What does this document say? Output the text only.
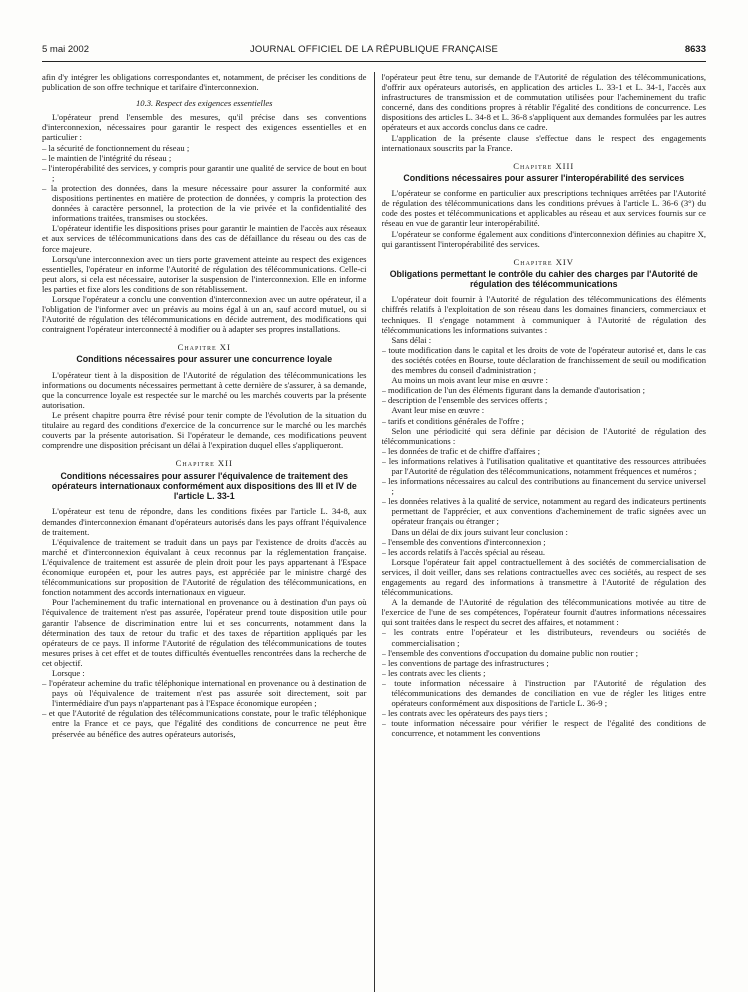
5 mai 2002	JOURNAL OFFICIEL DE LA RÉPUBLIQUE FRANÇAISE	8633

afin d'y intégrer les obligations correspondantes et, notamment, de préciser les conditions de publication de son offre technique et tarifaire d'interconnexion.

10.3. Respect des exigences essentielles

L'opérateur prend l'ensemble des mesures, qu'il précise dans ses conventions d'interconnexion, nécessaires pour garantir le respect des exigences essentielles et en particulier :

– la sécurité de fonctionnement du réseau ;

– le maintien de l'intégrité du réseau ;

– l'interopérabilité des services, y compris pour garantir une qualité de service de bout en bout ;

– la protection des données, dans la mesure nécessaire pour assurer la conformité aux dispositions pertinentes en matière de protection de données, y compris la protection des données à caractère personnel, la protection de la vie privée et la confidentialité des informations traitées, transmises ou stockées.

L'opérateur identifie les dispositions prises pour garantir le maintien de l'accès aux réseaux et aux services de télécommunications dans des cas de défaillance du réseau ou des cas de force majeure.

Lorsqu'une interconnexion avec un tiers porte gravement atteinte au respect des exigences essentielles, l'opérateur en informe l'Autorité de régulation des télécommunications. Celle-ci peut alors, si cela est nécessaire, autoriser la suspension de l'interconnexion. Elle en informe les parties et fixe alors les conditions de son rétablissement.

Lorsque l'opérateur a conclu une convention d'interconnexion avec un autre opérateur, il a l'obligation de l'informer avec un préavis au moins égal à un an, sauf accord mutuel, ou si l'Autorité de régulation des télécommunications en décide autrement, des modifications qui contraignent l'opérateur interconnecté à modifier ou à adapter ses propres installations.

Chapitre XI
Conditions nécessaires pour assurer une concurrence loyale

L'opérateur tient à la disposition de l'Autorité de régulation des télécommunications les informations ou documents nécessaires permettant à cette dernière de s'assurer, à sa demande, que la concurrence loyale est respectée sur le marché ou les marchés couverts par la présente autorisation.

Le présent chapitre pourra être révisé pour tenir compte de l'évolution de la situation du titulaire au regard des conditions d'exercice de la concurrence sur le marché ou les marchés couverts par la présente autorisation. Si l'opérateur le demande, ces modifications peuvent comprendre une disposition précisant un délai à l'expiration duquel elles s'appliqueront.

Chapitre XII
Conditions nécessaires pour assurer l'équivalence de traitement des opérateurs internationaux conformément aux dispositions des III et IV de l'article L. 33-1

L'opérateur est tenu de répondre, dans les conditions fixées par l'article L. 34-8, aux demandes d'interconnexion émanant d'opérateurs autorisés dans les pays offrant l'équivalence de traitement.

L'équivalence de traitement se traduit dans un pays par l'existence de droits d'accès au marché et d'interconnexion équivalant à ceux reconnus par la réglementation française. L'équivalence de traitement est assurée de plein droit pour les pays appartenant à l'Espace économique européen et, pour les autres pays, est appréciée par le ministre chargé des télécommunications sur proposition de l'Autorité de régulation des télécommunications, en fonction notamment des accords internationaux en vigueur.

Pour l'acheminement du trafic international en provenance ou à destination d'un pays où l'équivalence de traitement n'est pas assurée, l'opérateur prend toute disposition utile pour garantir l'absence de discrimination entre lui et ses concurrents, notamment dans la détermination des taux de retour du trafic et des taxes de répartition appliqués par les opérateurs de ce pays. Il informe l'Autorité de régulation des télécommunications de toutes mesures prises à cet effet et de toutes difficultés éventuelles rencontrées dans la recherche de cet objectif.

Lorsque :

– l'opérateur achemine du trafic téléphonique international en provenance ou à destination de pays où l'équivalence de traitement n'est pas assurée soit directement, soit par l'intermédiaire d'un pays n'appartenant pas à l'Espace économique européen ;

– et que l'Autorité de régulation des télécommunications constate, pour le trafic téléphonique entre la France et ce pays, que l'égalité des conditions de concurrence ne peut être préservée au bénéfice des autres opérateurs autorisés,

l'opérateur peut être tenu, sur demande de l'Autorité de régulation des télécommunications, d'offrir aux opérateurs autorisés, en application des articles L. 33-1 et L. 34-1, l'accès aux infrastructures de transmission et de commutation utilisées pour l'acheminement du trafic concerné, dans des conditions propres à rétablir l'égalité des conditions de concurrence. Les dispositions des articles L. 34-8 et L. 36-8 s'appliquent aux demandes formulées par les autres opérateurs et aux accords conclus dans ce cadre.

L'application de la présente clause s'effectue dans le respect des engagements internationaux souscrits par la France.

Chapitre XIII
Conditions nécessaires pour assurer l'interopérabilité des services

L'opérateur se conforme en particulier aux prescriptions techniques arrêtées par l'Autorité de régulation des télécommunications dans les conditions prévues à l'article L. 36-6 (3°) du code des postes et télécommunications et applicables au réseau et aux services fournis sur ce réseau en vue de garantir leur interopérabilité.

L'opérateur se conforme également aux conditions d'interconnexion définies au chapitre X, qui garantissent l'interopérabilité des services.

Chapitre XIV
Obligations permettant le contrôle du cahier des charges par l'Autorité de régulation des télécommunications

L'opérateur doit fournir à l'Autorité de régulation des télécommunications des éléments chiffrés relatifs à l'exploitation de son réseau dans les domaines financiers, commerciaux et techniques. Il s'engage notamment à communiquer à l'Autorité de régulation des télécommunications les informations suivantes :

Sans délai :

– toute modification dans le capital et les droits de vote de l'opérateur autorisé et, dans le cas des sociétés cotées en Bourse, toute déclaration de franchissement de seuil ou modification des membres du conseil d'administration ;

Au moins un mois avant leur mise en œuvre :

– modification de l'un des éléments figurant dans la demande d'autorisation ;

– description de l'ensemble des services offerts ;

Avant leur mise en œuvre :

– tarifs et conditions générales de l'offre ;

Selon une périodicité qui sera définie par décision de l'Autorité de régulation des télécommunications :

– les données de trafic et de chiffre d'affaires ;

– les informations relatives à l'utilisation qualitative et quantitative des ressources attribuées par l'Autorité de régulation des télécommunications, notamment fréquences et numéros ;

– les informations nécessaires au calcul des contributions au financement du service universel ;

– les données relatives à la qualité de service, notamment au regard des indicateurs pertinents permettant de l'apprécier, et aux conventions d'acheminement de trafic signées avec un opérateur français ou étranger ;

Dans un délai de dix jours suivant leur conclusion :

– l'ensemble des conventions d'interconnexion ;

– les accords relatifs à l'accès spécial au réseau.

Lorsque l'opérateur fait appel contractuellement à des sociétés de commercialisation de services, il doit veiller, dans ses relations contractuelles avec ces sociétés, au respect de ses engagements au regard des informations à transmettre à l'Autorité de régulation des télécommunications.

A la demande de l'Autorité de régulation des télécommunications motivée au titre de l'exercice de l'une de ses compétences, l'opérateur fournit d'autres informations nécessaires qui sont traitées dans le respect du secret des affaires, et notamment :

– les contrats entre l'opérateur et les distributeurs, revendeurs ou sociétés de commercialisation ;

– l'ensemble des conventions d'occupation du domaine public non routier ;

– les conventions de partage des infrastructures ;

– les contrats avec les clients ;

– toute information nécessaire à l'instruction par l'Autorité de régulation des télécommunications des demandes de conciliation en vue de régler les litiges entre opérateurs conformément aux dispositions de l'article L. 36-9 ;

– les contrats avec les opérateurs des pays tiers ;

– toute information nécessaire pour vérifier le respect de l'égalité des conditions de concurrence, et notamment les conventions
